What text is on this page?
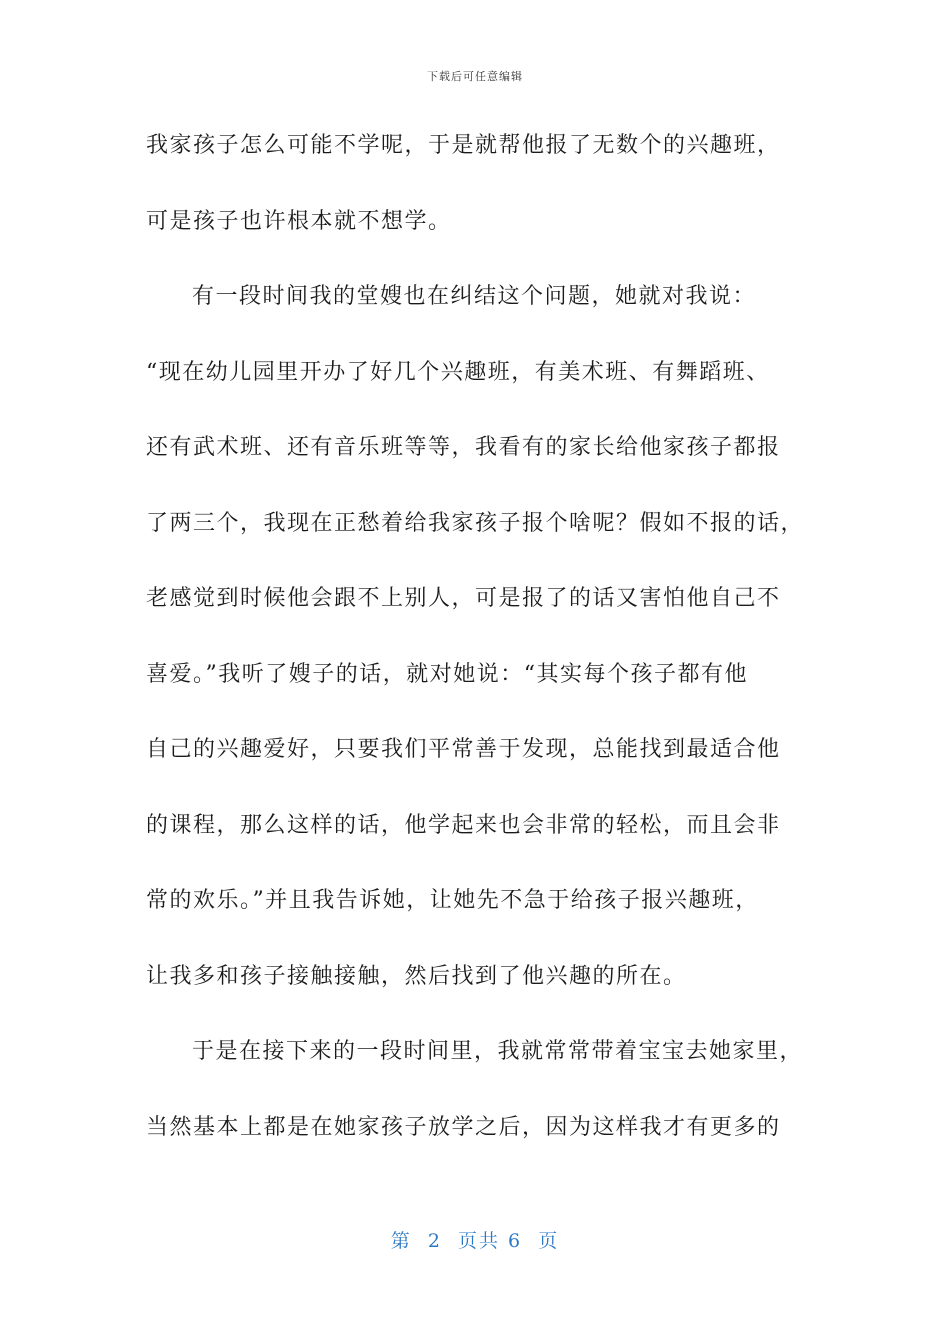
下载后可任意编辑
我家孩子怎么可能不学呢，于是就帮他报了无数个的兴趣班，
可是孩子也许根本就不想学。
有一段时间我的堂嫂也在纠结这个问题，她就对我说：
“现在幼儿园里开办了好几个兴趣班，有美术班、有舞蹈班、
还有武术班、还有音乐班等等，我看有的家长给他家孩子都报
了两三个，我现在正愁着给我家孩子报个啥呢？假如不报的话，
老感觉到时候他会跟不上别人，可是报了的话又害怕他自己不
喜爱。”我听了嫂子的话，就对她说：“其实每个孩子都有他
自己的兴趣爱好，只要我们平常善于发现，总能找到最适合他
的课程，那么这样的话，他学起来也会非常的轻松，而且会非
常的欢乐。”并且我告诉她，让她先不急于给孩子报兴趣班，
让我多和孩子接触接触，然后找到了他兴趣的所在。
于是在接下来的一段时间里，我就常常带着宝宝去她家里，
当然基本上都是在她家孩子放学之后，因为这样我才有更多的
第  2  页共 6  页
